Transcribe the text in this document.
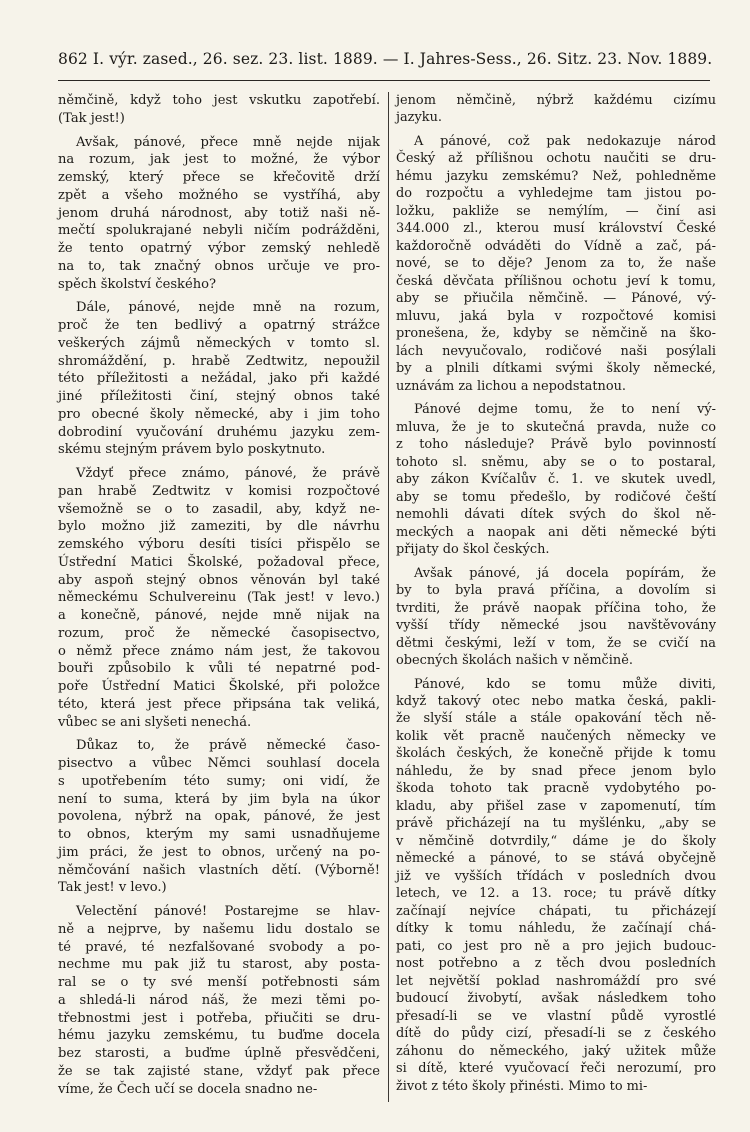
862 I. výr. zased., 26. sez. 23. list. 1889. — I. Jahres-Sess., 26. Sitz. 23. Nov. 1889.

němčině, když toho jest vskutku zapotřebí.
(Tak jest!)

Avšak, pánové, přece mně nejde nijak
na rozum, jak jest to možné, že výbor
zemský, který přece se křečovitě drží
zpět a všeho možného se vystříhá, aby
jenom druhá národnost, aby totiž naši ně-
mečtí spolukrajané nebyli ničím podrážděni,
že tento opatrný výbor zemský nehledě
na to, tak značný obnos určuje ve pro-
spěch školství českého?

Dále, pánové, nejde mně na rozum,
proč že ten bedlivý a opatrný strážce
veškerých zájmů německých v tomto sl.
shromáždění, p. hrabě Zedtwitz, nepoužil
této příležitosti a nežádal, jako při každé
jiné příležitosti činí, stejný obnos také
pro obecné školy německé, aby i jim toho
dobrodiní vyučování druhému jazyku zem-
skému stejným právem bylo poskytnuto.

Vždyť přece známo, pánové, že právě
pan hrabě Zedtwitz v komisi rozpočtové
všemožně se o to zasadil, aby, když ne-
bylo možno již zameziti, by dle návrhu
zemského výboru desíti tisíci přispělo se
Ústřední Matici Školské, požadoval přece,
aby aspoň stejný obnos věnován byl také
německému Schulvereinu (Tak jest! v levo.)
a konečně, pánové, nejde mně nijak na
rozum, proč že německé časopisectvo,
o němž přece známo nám jest, že takovou
bouři způsobilo k vůli té nepatrné pod-
poře Ústřední Matici Školské, při položce
této, která jest přece připsána tak veliká,
vůbec se ani slyšeti nenechá.

Důkaz to, že právě německé časo-
pisectvo a vůbec Němci souhlasí docela
s upotřebením této sumy; oni vidí, že
není to suma, která by jim byla na úkor
povolena, nýbrž na opak, pánové, že jest
to obnos, kterým my sami usnadňujeme
jim práci, že jest to obnos, určený na po-
němčování našich vlastních dětí. (Výborně!
Tak jest! v levo.)

Velectění pánové! Postarejme se hlav-
ně a nejprve, by našemu lidu dostalo se
té pravé, té nezfalšované svobody a po-
nechme mu pak již tu starost, aby posta-
ral se o ty své menší potřebnosti sám
a shledá-li národ náš, že mezi těmi po-
třebnostmi jest i potřeba, přiučiti se dru-
hému jazyku zemskému, tu buďme docela
bez starosti, a buďme úplně přesvědčeni,
že se tak zajisté stane, vždyť pak přece
víme, že Čech učí se docela snadno ne-

jenom němčině, nýbrž každému cizímu
jazyku.

A pánové, což pak nedokazuje národ
Český až přílišnou ochotu naučiti se dru-
hému jazyku zemskému? Než, pohledněme
do rozpočtu a vyhledejme tam jistou po-
ložku, pakliže se nemýlím, — činí asi
344.000 zl., kterou musí království České
každoročně odváděti do Vídně a zač, pá-
nové, se to děje? Jenom za to, že naše
česká děvčata přílišnou ochotu jeví k tomu,
aby se přiučila němčině. — Pánové, vý-
mluvu, jaká byla v rozpočtové komisi
pronešena, že, kdyby se němčině na ško-
lách nevyučovalo, rodičové naši posýlali
by a plnili dítkami svými školy německé,
uznávám za lichou a nepodstatnou.

Pánové dejme tomu, že to není vý-
mluva, že je to skutečná pravda, nuže co
z toho následuje? Právě bylo povinností
tohoto sl. sněmu, aby se o to postaral,
aby zákon Kvíčalův č. 1. ve skutek uvedl,
aby se tomu předešlo, by rodičové čeští
nemohli dávati dítek svých do škol ně-
meckých a naopak ani děti německé býti
přijaty do škol českých.

Avšak pánové, já docela popírám, že
by to byla pravá příčina, a dovolím si
tvrditi, že právě naopak příčina toho, že
vyšší třídy německé jsou navštěvovány
dětmi českými, leží v tom, že se cvičí na
obecných školách našich v němčině.

Pánové, kdo se tomu může diviti,
když takový otec nebo matka česká, pakli-
že slyší stále a stále opakování těch ně-
kolik vět pracně naučených německy ve
školách českých, že konečně přijde k tomu
náhledu, že by snad přece jenom bylo
škoda tohoto tak pracně vydobytého po-
kladu, aby přišel zase v zapomenutí, tím
právě přicházejí na tu myšlénku, „aby se
v němčině dotvrdily,“ dáme je do školy
německé a pánové, to se stává obyčejně
již ve vyšších třídách v posledních dvou
letech, ve 12. a 13. roce; tu právě dítky
začínají nejvíce chápati, tu přicházejí
dítky k tomu náhledu, že začínají chá-
pati, co jest pro ně a pro jejich budouc-
nost potřebno a z těch dvou posledních
let největší poklad nashromáždí pro své
budoucí živobytí, avšak následkem toho
přesadí-li se ve vlastní půdě vyrostlé
dítě do půdy cizí, přesadí-li se z českého
záhonu do německého, jaký užitek může
si dítě, které vyučovací řeči nerozumí, pro
život z této školy přinésti. Mimo to mi-
